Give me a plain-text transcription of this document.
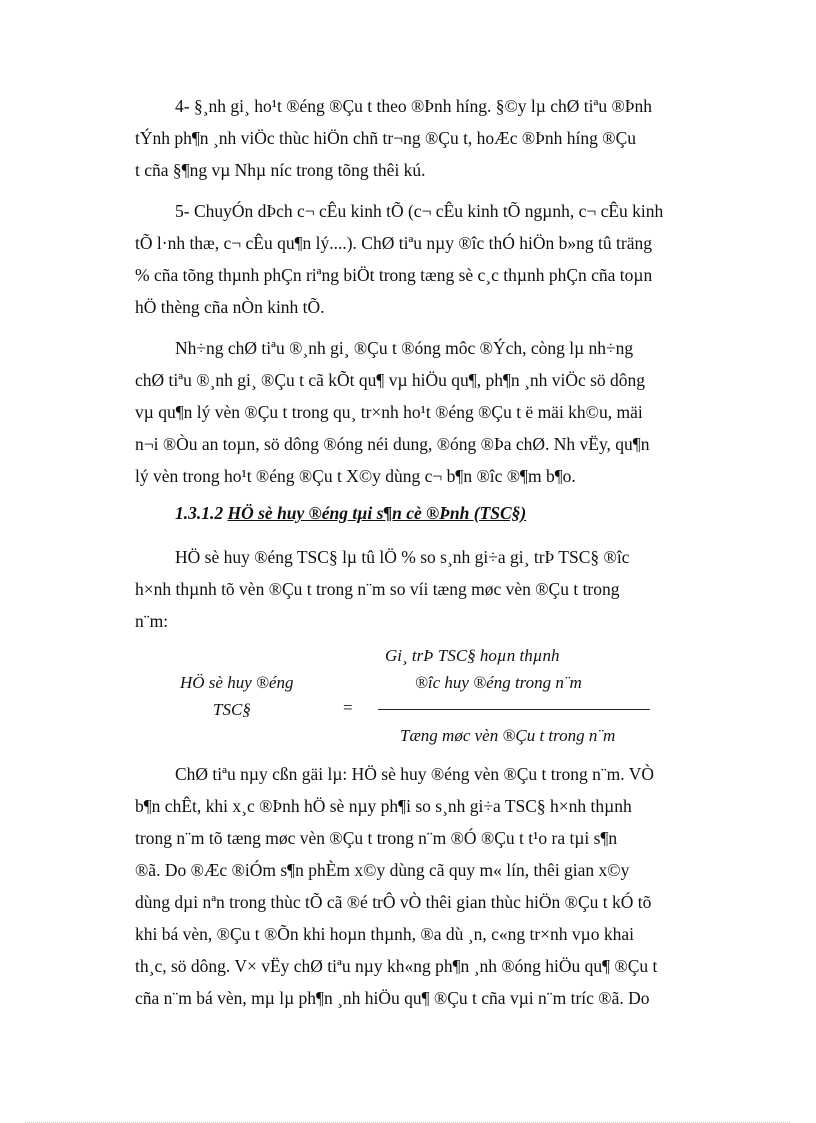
4- §¸nh gi¸ ho¹t ®éng ®Çu t theo ®Þnh híng. §©y lµ chØ tiªu ®Þnh
tÝnh ph¶n ¸nh viÖc thùc hiÖn chñ tr¬ng ®Çu t, hoÆc ®Þnh híng ®Çu
t cña §¶ng vµ Nhµ níc trong tõng thêi kú.
5- ChuyÓn dÞch c¬ cÊu kinh tÕ (c¬ cÊu kinh tÕ ngµnh, c¬ cÊu kinh
tÕ l·nh thæ, c¬ cÊu qu¶n lý....). ChØ tiªu nµy ®îc thÓ hiÖn b»ng tû träng
% cña tõng thµnh phÇn riªng biÖt trong tæng sè c¸c thµnh phÇn cña toµn
hÖ thèng cña nÒn kinh tÕ.
Nh÷ng chØ tiªu ®¸nh gi¸ ®Çu t ®óng môc ®Ých, còng lµ nh÷ng
chØ tiªu ®¸nh gi¸ ®Çu t cã kÕt qu¶ vµ hiÖu qu¶, ph¶n ¸nh viÖc sö dông
vµ qu¶n lý vèn ®Çu t trong qu¸ tr×nh ho¹t ®éng ®Çu t ë mäi kh©u, mäi
n¬i ®Òu an toµn, sö dông ®óng néi dung, ®óng ®Þa chØ. Nh vËy, qu¶n
lý vèn trong ho¹t ®éng ®Çu t X©y dùng c¬ b¶n ®îc ®¶m b¶o.
1.3.1.2 HÖ sè huy ®éng tµi s¶n cè ®Þnh (TSC§)
HÖ sè huy ®éng TSC§ lµ tû lÖ % so s¸nh gi÷a gi¸ trÞ TSC§ ®îc
h×nh thµnh tõ vèn ®Çu t trong n¨m so víi tæng møc vèn ®Çu t trong
n¨m:
Gi¸ trÞ TSC§ hoµn thµnh
®îc huy ®éng trong n¨m
HÖ sè huy ®éng
TSC§	=
Tæng møc vèn ®Çu t trong n¨m
ChØ tiªu nµy cßn gäi lµ: HÖ sè huy ®éng vèn ®Çu t trong n¨m. VÒ
b¶n chÊt, khi x¸c ®Þnh hÖ sè nµy ph¶i so s¸nh gi÷a TSC§ h×nh thµnh
trong n¨m tõ tæng møc vèn ®Çu t trong n¨m ®Ó ®Çu t t¹o ra tµi s¶n
®ã. Do ®Æc ®iÓm s¶n phÈm x©y dùng cã quy m« lín, thêi gian x©y
dùng dµi nªn trong thùc tÕ cã ®é trÔ vÒ thêi gian thùc hiÖn ®Çu t kÓ tõ
khi bá vèn, ®Çu t ®Õn khi hoµn thµnh, ®a dù ¸n, c«ng tr×nh vµo khai
th¸c, sö dông. V× vËy chØ tiªu nµy kh«ng ph¶n ¸nh ®óng hiÖu qu¶ ®Çu t
cña n¨m bá vèn, mµ lµ ph¶n ¸nh hiÖu qu¶ ®Çu t cña vµi n¨m tríc ®ã. Do
